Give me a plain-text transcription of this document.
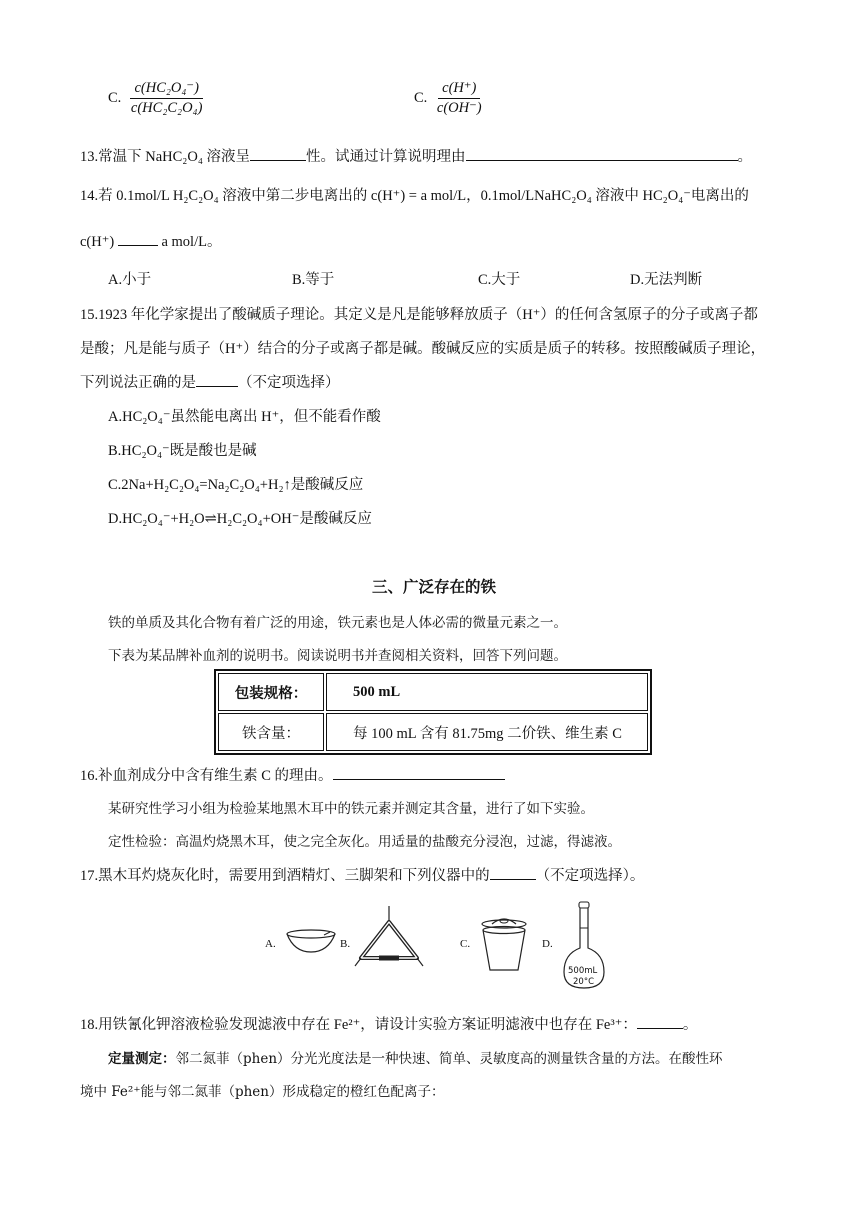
C. $\frac{\text{c(HC₂O₄⁻)}}{\text{c(HC₂C₂O₄)}}$	C. $\frac{c(H^+)}{c(OH^-)}$
13.常温下 NaHC₂O₄ 溶液呈	性。试通过计算说明理由	。
14.若 0.1mol/L H₂C₂O₄ 溶液中第二步电离出的 c(H⁺) = a mol/L，0.1mol/LNaHC₂O₄ 溶液中 HC₂O₄⁻电离出的
c(H⁺)	a mol/L。
A.小于	B.等于	C.大于	D.无法判断
15.1923 年化学家提出了酸碱质子理论。其定义是凡是能够释放质子（H⁺）的任何含氢原子的分子或离子都
是酸；凡是能与质子（H⁺）结合的分子或离子都是碱。酸碱反应的实质是质子的转移。按照酸碱质子理论，
下列说法正确的是	（不定项选择）
A.HC₂O₄⁻虽然能电离出 H⁺，但不能看作酸
B.HC₂O₄⁻既是酸也是碱
C.2Na+H₂C₂O₄=Na₂C₂O₄+H₂↑是酸碱反应
D.HC₂O₄⁻+H₂O⇌H₂C₂O₄+OH⁻是酸碱反应
三、广泛存在的铁
铁的单质及其化合物有着广泛的用途，铁元素也是人体必需的微量元素之一。
下表为某品牌补血剂的说明书。阅读说明书并查阅相关资料，回答下列问题。
包装规格：	500 mL
铁含量：	每 100 mL 含有 81.75mg 二价铁、维生素 C
16.补血剂成分中含有维生素 C 的理由。
某研究性学习小组为检验某地黑木耳中的铁元素并测定其含量，进行了如下实验。
定性检验：高温灼烧黑木耳，使之完全灰化。用适量的盐酸充分浸泡，过滤，得滤液。
17.黑木耳灼烧灰化时，需要用到酒精灯、三脚架和下列仪器中的	（不定项选择）。
A.	B.	C.	D.
500mL
20°C
18.用铁氰化钾溶液检验发现滤液中存在 Fe²⁺，请设计实验方案证明滤液中也存在 Fe³⁺：	。
定量测定：邻二氮菲（phen）分光光度法是一种快速、简单、灵敏度高的测量铁含量的方法。在酸性环
境中 Fe²⁺能与邻二氮菲（phen）形成稳定的橙红色配离子：
